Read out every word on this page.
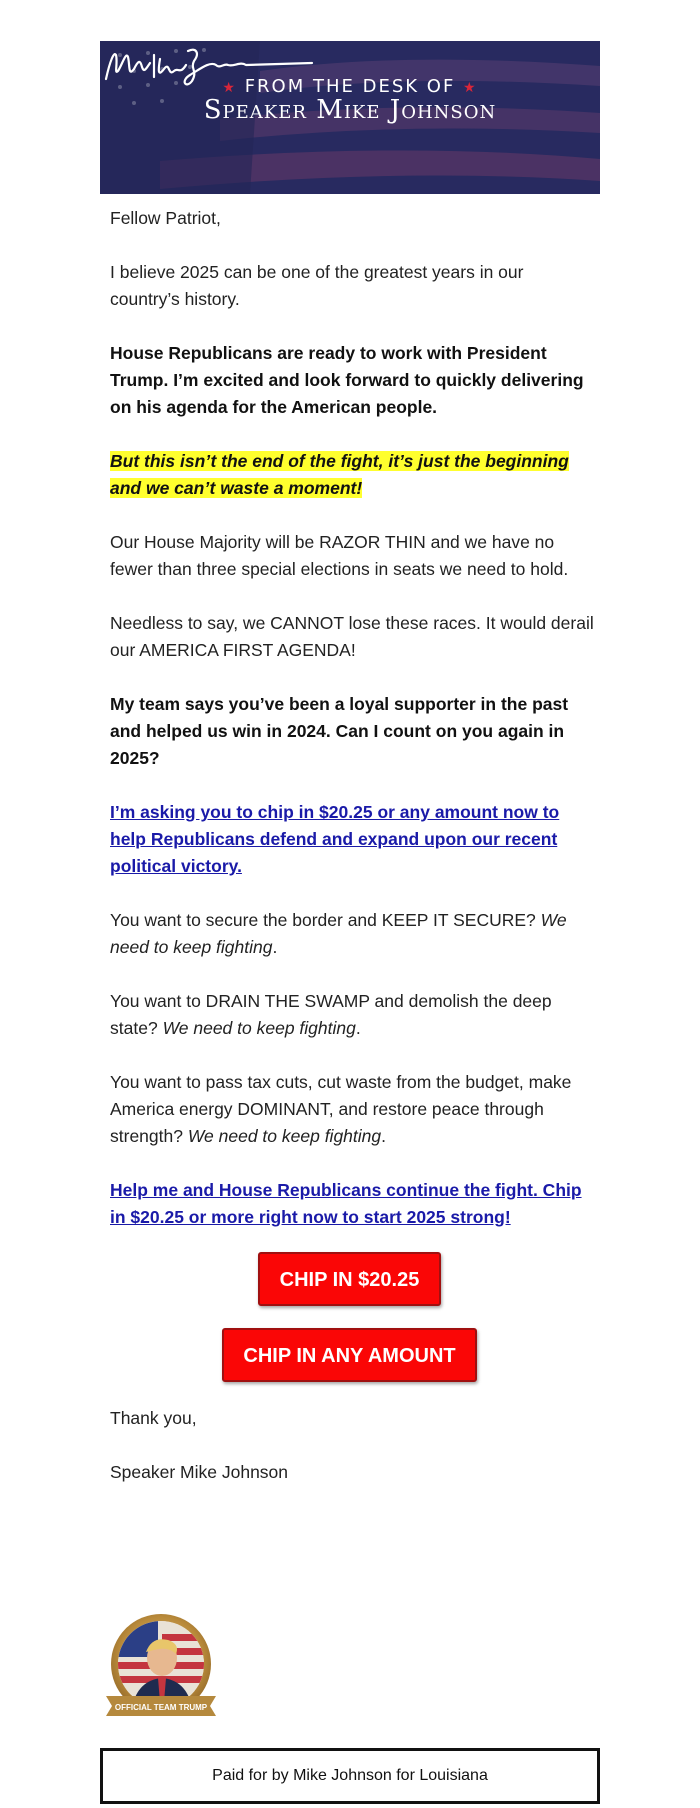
★ FROM THE DESK OF ★
Speaker Mike Johnson
Fellow Patriot,
I believe 2025 can be one of the greatest years in our country’s history.
House Republicans are ready to work with President Trump. I’m excited and look forward to quickly delivering on his agenda for the American people.
But this isn’t the end of the fight, it’s just the beginning and we can’t waste a moment!
Our House Majority will be RAZOR THIN and we have no fewer than three special elections in seats we need to hold.
Needless to say, we CANNOT lose these races. It would derail our AMERICA FIRST AGENDA!
My team says you’ve been a loyal supporter in the past and helped us win in 2024. Can I count on you again in 2025?
I’m asking you to chip in $20.25 or any amount now to help Republicans defend and expand upon our recent political victory.
You want to secure the border and KEEP IT SECURE? We need to keep fighting.
You want to DRAIN THE SWAMP and demolish the deep state? We need to keep fighting.
You want to pass tax cuts, cut waste from the budget, make America energy DOMINANT, and restore peace through strength? We need to keep fighting.
Help me and House Republicans continue the fight. Chip in $20.25 or more right now to start 2025 strong!
Thank you,
Speaker Mike Johnson
CHIP IN $20.25
CHIP IN ANY AMOUNT
OFFICIAL TEAM TRUMP
Paid for by Mike Johnson for Louisiana
